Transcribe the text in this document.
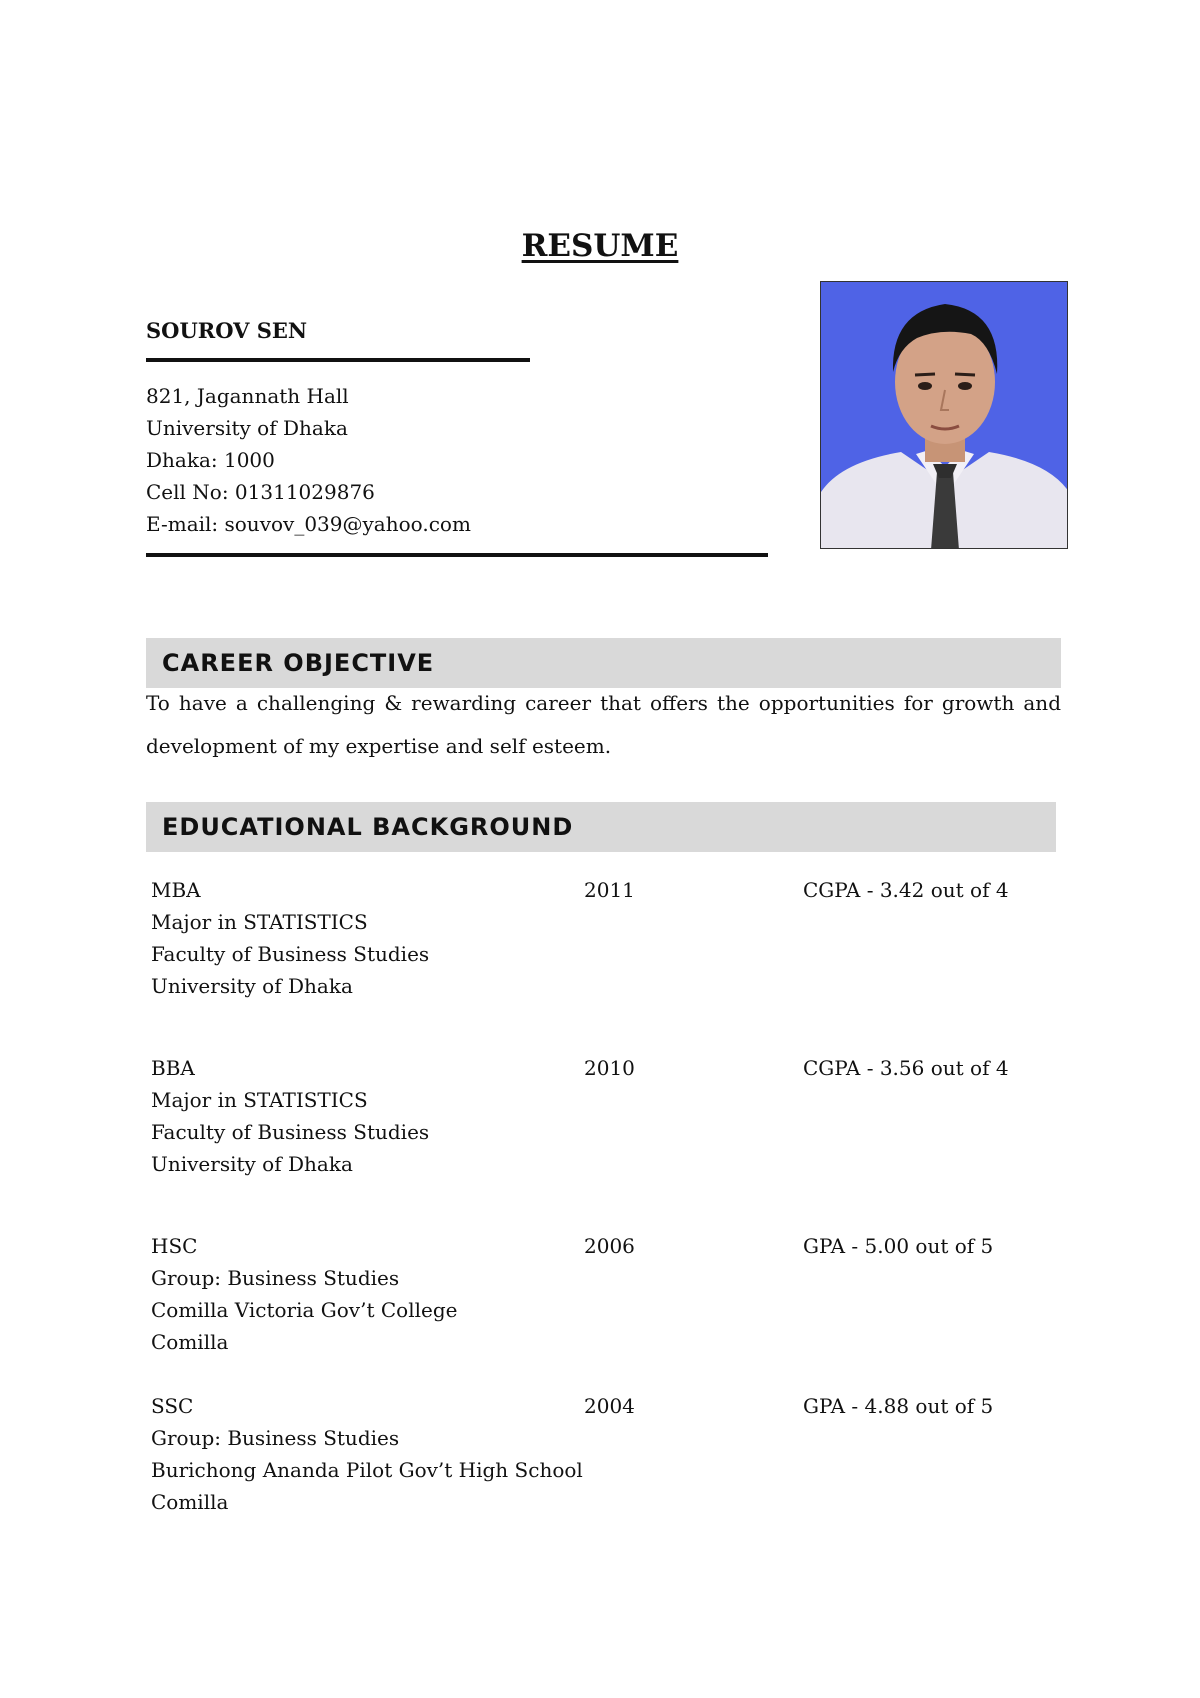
RESUME
SOUROV SEN
821, Jagannath Hall
University of Dhaka
Dhaka: 1000
Cell No: 01311029876
E-mail: souvov_039@yahoo.com
CAREER OBJECTIVE
To have a challenging & rewarding career that offers the opportunities for growth and
development of my expertise and self esteem.
EDUCATIONAL BACKGROUND
MBA
Major in STATISTICS
Faculty of Business Studies
University of Dhaka
2011	CGPA - 3.42 out of 4
BBA
Major in STATISTICS
Faculty of Business Studies
University of Dhaka
2010	CGPA - 3.56 out of 4
HSC
Group: Business Studies
Comilla Victoria Gov’t College
Comilla
2006	GPA - 5.00 out of 5
SSC
Group: Business Studies
Burichong Ananda Pilot Gov’t High School
Comilla
2004	GPA - 4.88 out of 5
